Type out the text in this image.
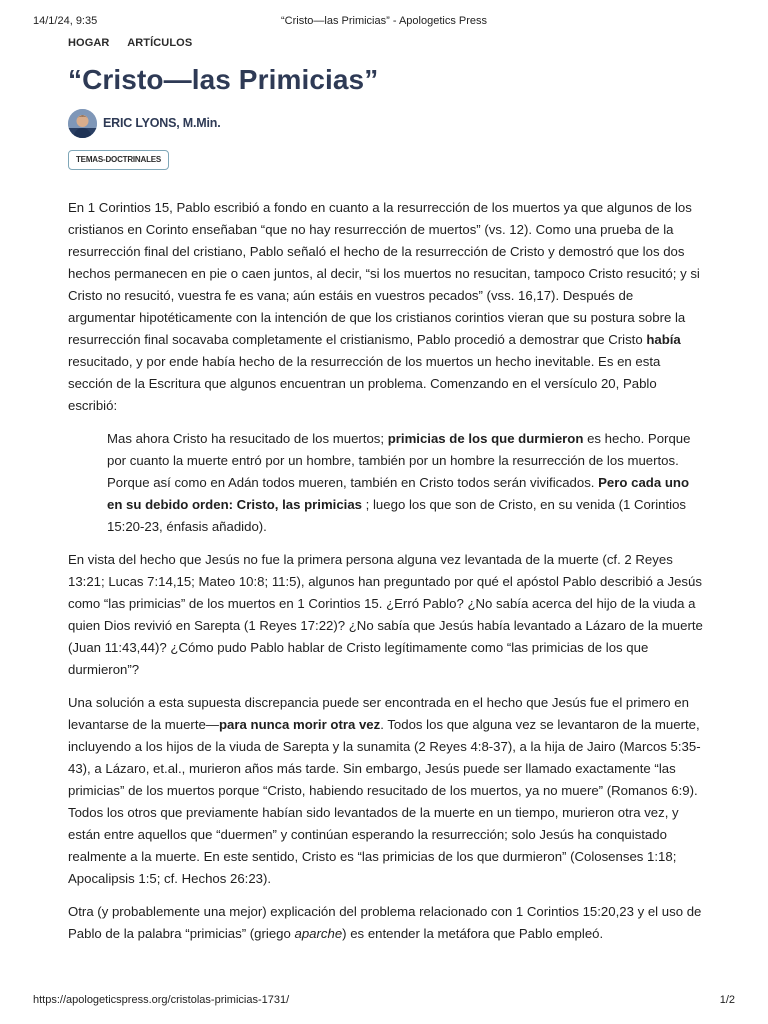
14/1/24, 9:35	“Cristo—las Primicias” - Apologetics Press
HOGAR ARTÍCULOS
“Cristo—las Primicias”
ERIC LYONS, M.Min.
TEMAS-DOCTRINALES

En 1 Corintios 15, Pablo escribió a fondo en cuanto a la resurrección de los muertos ya que algunos de los cristianos en Corinto enseñaban “que no hay resurrección de muertos” (vs. 12). Como una prueba de la resurrección final del cristiano, Pablo señaló el hecho de la resurrección de Cristo y demostró que los dos hechos permanecen en pie o caen juntos, al decir, “si los muertos no resucitan, tampoco Cristo resucitó; y si Cristo no resucitó, vuestra fe es vana; aún estáis en vuestros pecados” (vss. 16,17). Después de argumentar hipotéticamente con la intención de que los cristianos corintios vieran que su postura sobre la resurrección final socavaba completamente el cristianismo, Pablo procedió a demostrar que Cristo había resucitado, y por ende había hecho de la resurrección de los muertos un hecho inevitable. Es en esta sección de la Escritura que algunos encuentran un problema. Comenzando en el versículo 20, Pablo escribió:

Mas ahora Cristo ha resucitado de los muertos; primicias de los que durmieron es hecho. Porque por cuanto la muerte entró por un hombre, también por un hombre la resurrección de los muertos. Porque así como en Adán todos mueren, también en Cristo todos serán vivificados. Pero cada uno en su debido orden: Cristo, las primicias ; luego los que son de Cristo, en su venida (1 Corintios 15:20-23, énfasis añadido).

En vista del hecho que Jesús no fue la primera persona alguna vez levantada de la muerte (cf. 2 Reyes 13:21; Lucas 7:14,15; Mateo 10:8; 11:5), algunos han preguntado por qué el apóstol Pablo describió a Jesús como “las primicias” de los muertos en 1 Corintios 15. ¿Erró Pablo? ¿No sabía acerca del hijo de la viuda a quien Dios revivió en Sarepta (1 Reyes 17:22)? ¿No sabía que Jesús había levantado a Lázaro de la muerte (Juan 11:43,44)? ¿Cómo pudo Pablo hablar de Cristo legítimamente como “las primicias de los que durmieron”?

Una solución a esta supuesta discrepancia puede ser encontrada en el hecho que Jesús fue el primero en levantarse de la muerte—para nunca morir otra vez. Todos los que alguna vez se levantaron de la muerte, incluyendo a los hijos de la viuda de Sarepta y la sunamita (2 Reyes 4:8-37), a la hija de Jairo (Marcos 5:35-43), a Lázaro, et.al., murieron años más tarde. Sin embargo, Jesús puede ser llamado exactamente “las primicias” de los muertos porque “Cristo, habiendo resucitado de los muertos, ya no muere” (Romanos 6:9). Todos los otros que previamente habían sido levantados de la muerte en un tiempo, murieron otra vez, y están entre aquellos que “duermen” y continúan esperando la resurrección; solo Jesús ha conquistado realmente a la muerte. En este sentido, Cristo es “las primicias de los que durmieron” (Colosenses 1:18; Apocalipsis 1:5; cf. Hechos 26:23).

Otra (y probablemente una mejor) explicación del problema relacionado con 1 Corintios 15:20,23 y el uso de Pablo de la palabra “primicias” (griego aparche) es entender la metáfora que Pablo empleó.

https://apologeticspress.org/cristolas-primicias-1731/	1/2
